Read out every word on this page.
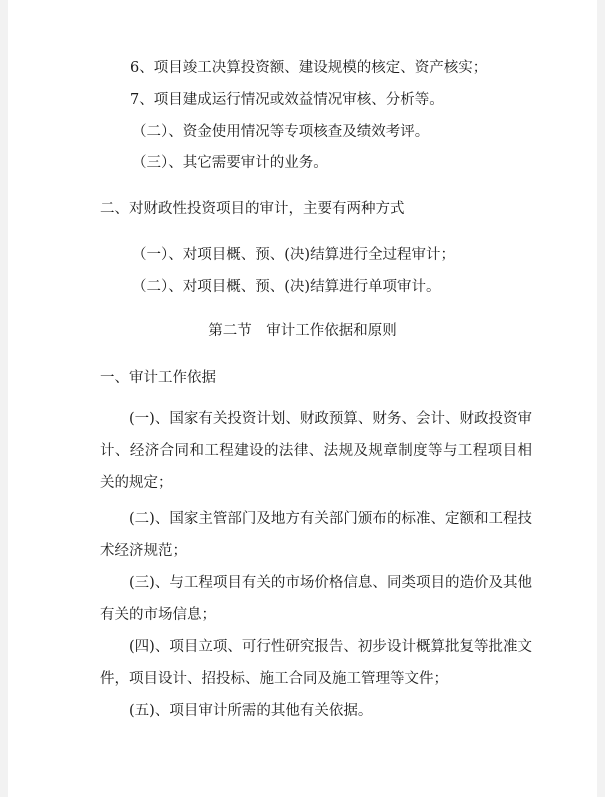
6、项目竣工决算投资额、建设规模的核定、资产核实；
7、项目建成运行情况或效益情况审核、分析等。
（二）、资金使用情况等专项核查及绩效考评。
（三）、其它需要审计的业务。
二、对财政性投资项目的审计，主要有两种方式
（一）、对项目概、预、(决)结算进行全过程审计；
（二）、对项目概、预、(决)结算进行单项审计。
第二节　审计工作依据和原则
一、审计工作依据
(一)、国家有关投资计划、财政预算、财务、会计、财政投资审计、经济合同和工程建设的法律、法规及规章制度等与工程项目相关的规定；
(二)、国家主管部门及地方有关部门颁布的标准、定额和工程技术经济规范；
(三)、与工程项目有关的市场价格信息、同类项目的造价及其他有关的市场信息；
(四)、项目立项、可行性研究报告、初步设计概算批复等批准文件，项目设计、招投标、施工合同及施工管理等文件；
(五)、项目审计所需的其他有关依据。
